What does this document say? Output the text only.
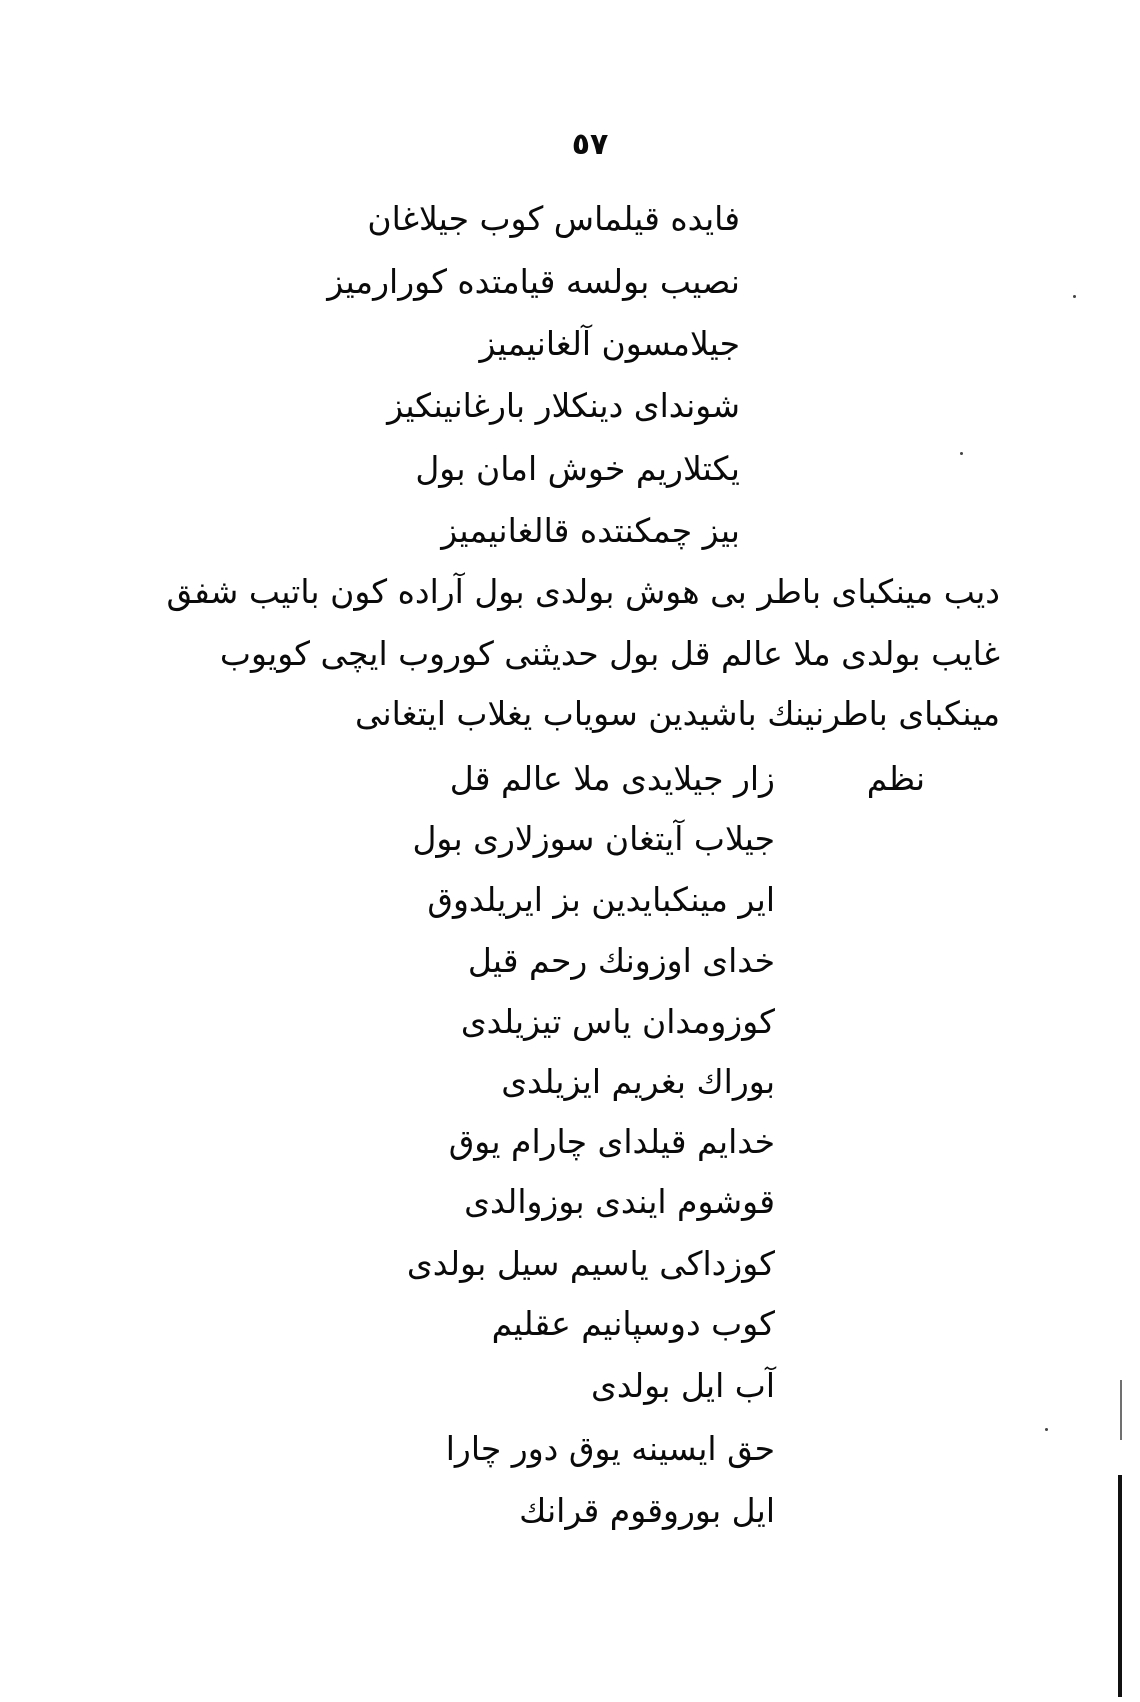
٥٧
فایده قیلماس کوب جیلاغان
نصیب بولسه قیامتده کورارمیز
جیلامسون آلغانیمیز
شوندای دینکلار بارغانینکیز
یکتلاریم خوش امان بول
بیز چمکنتده قالغانیمیز
دیب مینکبای باطر بی هوش بولدی بول آراده کون باتیب شفق
غایب بولدی ملا عالم قل بول حدیثنی کوروب ایچی کویوب
مینکبای باطرنینك باشیدین سویاب یغلاب ایتغانی
نظم
زار جیلایدی ملا عالم قل
جیلاب آیتغان سوزلاری بول
ایر مینکبایدین بز ایریلدوق
خدای اوزونك رحم قیل
کوزومدان یاس تیزیلدی
بوراك بغریم ایزیلدی
خدایم قیلدای چارام یوق
قوشوم ایندی بوزوالدی
کوزداکی یاسیم سیل بولدی
کوب دوسپانیم عقلیم
آب ایل بولدی
حق ایسینه یوق دور چارا
ایل بوروقوم قرانك
